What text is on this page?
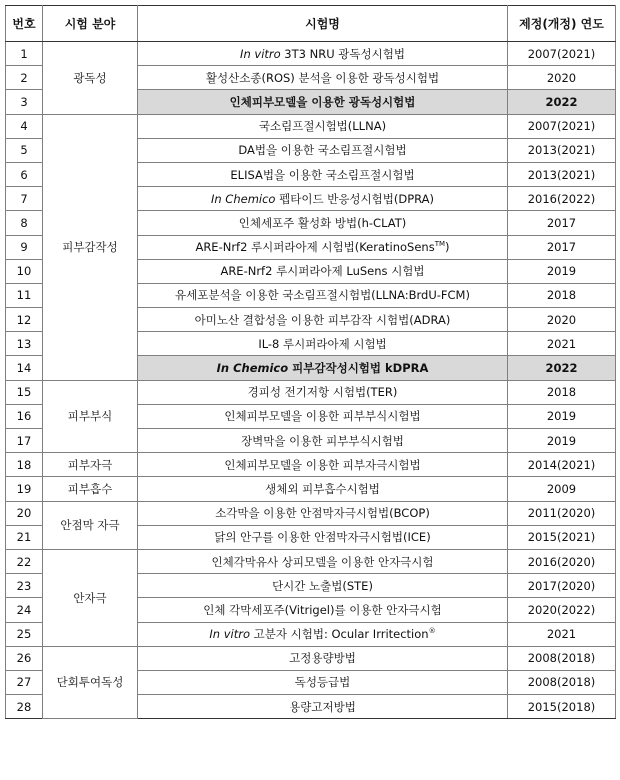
번호	시험 분야	시험명	제정(개정) 연도
1	광독성	In vitro 3T3 NRU 광독성시험법	2007(2021)
2		활성산소종(ROS) 분석을 이용한 광독성시험법	2020
3		인체피부모델을 이용한 광독성시험법	2022
4	피부감작성	국소림프절시험법(LLNA)	2007(2021)
5		DA법을 이용한 국소림프절시험법	2013(2021)
6		ELISA법을 이용한 국소림프절시험법	2013(2021)
7		In Chemico 펩타이드 반응성시험법(DPRA)	2016(2022)
8		인체세포주 활성화 방법(h-CLAT)	2017
9		ARE-Nrf2 루시퍼라아제 시험법(KeratinoSens™)	2017
10		ARE-Nrf2 루시퍼라아제 LuSens 시험법	2019
11		유세포분석을 이용한 국소림프절시험법(LLNA:BrdU-FCM)	2018
12		아미노산 결합성을 이용한 피부감작 시험법(ADRA)	2020
13		IL-8 루시퍼라아제 시험법	2021
14		In Chemico 피부감작성시험법 kDPRA	2022
15	피부부식	경피성 전기저항 시험법(TER)	2018
16		인체피부모델을 이용한 피부부식시험법	2019
17		장벽막을 이용한 피부부식시험법	2019
18	피부자극	인체피부모델을 이용한 피부자극시험법	2014(2021)
19	피부흡수	생체외 피부흡수시험법	2009
20	안점막 자극	소각막을 이용한 안점막자극시험법(BCOP)	2011(2020)
21		닭의 안구를 이용한 안점막자극시험법(ICE)	2015(2021)
22	안자극	인체각막유사 상피모델을 이용한 안자극시험	2016(2020)
23		단시간 노출법(STE)	2017(2020)
24		인체 각막세포주(Vitrigel)를 이용한 안자극시험	2020(2022)
25		In vitro 고분자 시험법: Ocular Irritection®	2021
26	단회투여독성	고정용량방법	2008(2018)
27		독성등급법	2008(2018)
28		용량고저방법	2015(2018)
